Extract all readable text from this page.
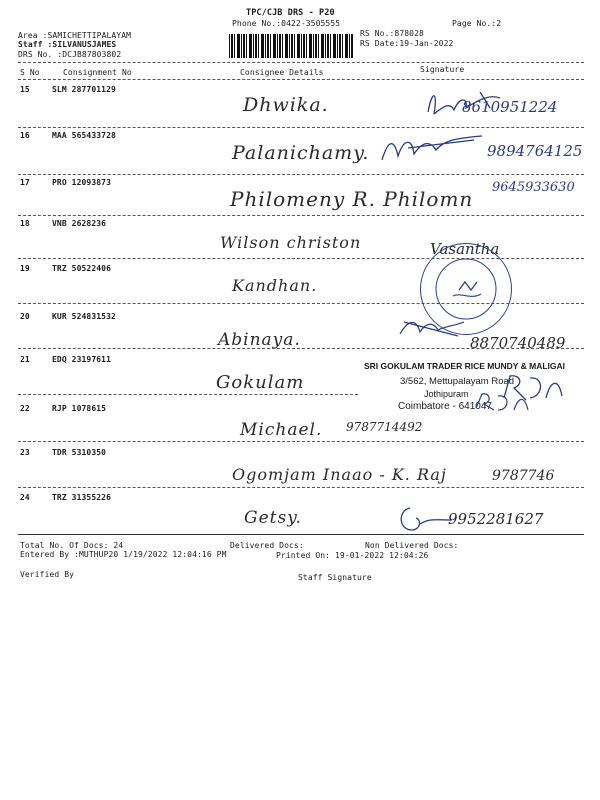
TPC/CJB DRS - P20
Phone No.:0422-3505555
Area :SAMICHETTIPALAYAM
Staff :SILVANUSJAMES
DRS No. :DCJB87803802
RS No.:878028
RS Date:19-Jan-2022
Page No.:2
S No	Consignment No	Consignee Details	Signature
15	SLM 287701129
Dhwika.	8610951224
16	MAA 565433728
Palanichamy.	9894764125
17	PRO 12093873
Philomeny R. Philomn 9645933630
18	VNB 2628236
Wilson christon	Vasantha
19	TRZ 50522406
Kandhan.
20	KUR 524831532
Abinaya.	8870740489
21	EDQ 23197611
Gokulam
SRI GOKULAM TRADER RICE MUNDY & MALIGAI
3/562, Mettupalayam Road
Jothipuram
Coimbatore - 641047
22	RJP 1078615
Michael. 9787714492
23	TDR 5310350
Ogomjam Inaao - K. Raj	9787746
24	TRZ 31355226
Getsy.	9952281627
Total No. Of Docs: 24	Delivered Docs:	Non Delivered Docs:
Entered By :MUTHUP20 1/19/2022 12:04:16 PM	Printed On: 19-01-2022 12:04:26
Verified By	Staff Signature
